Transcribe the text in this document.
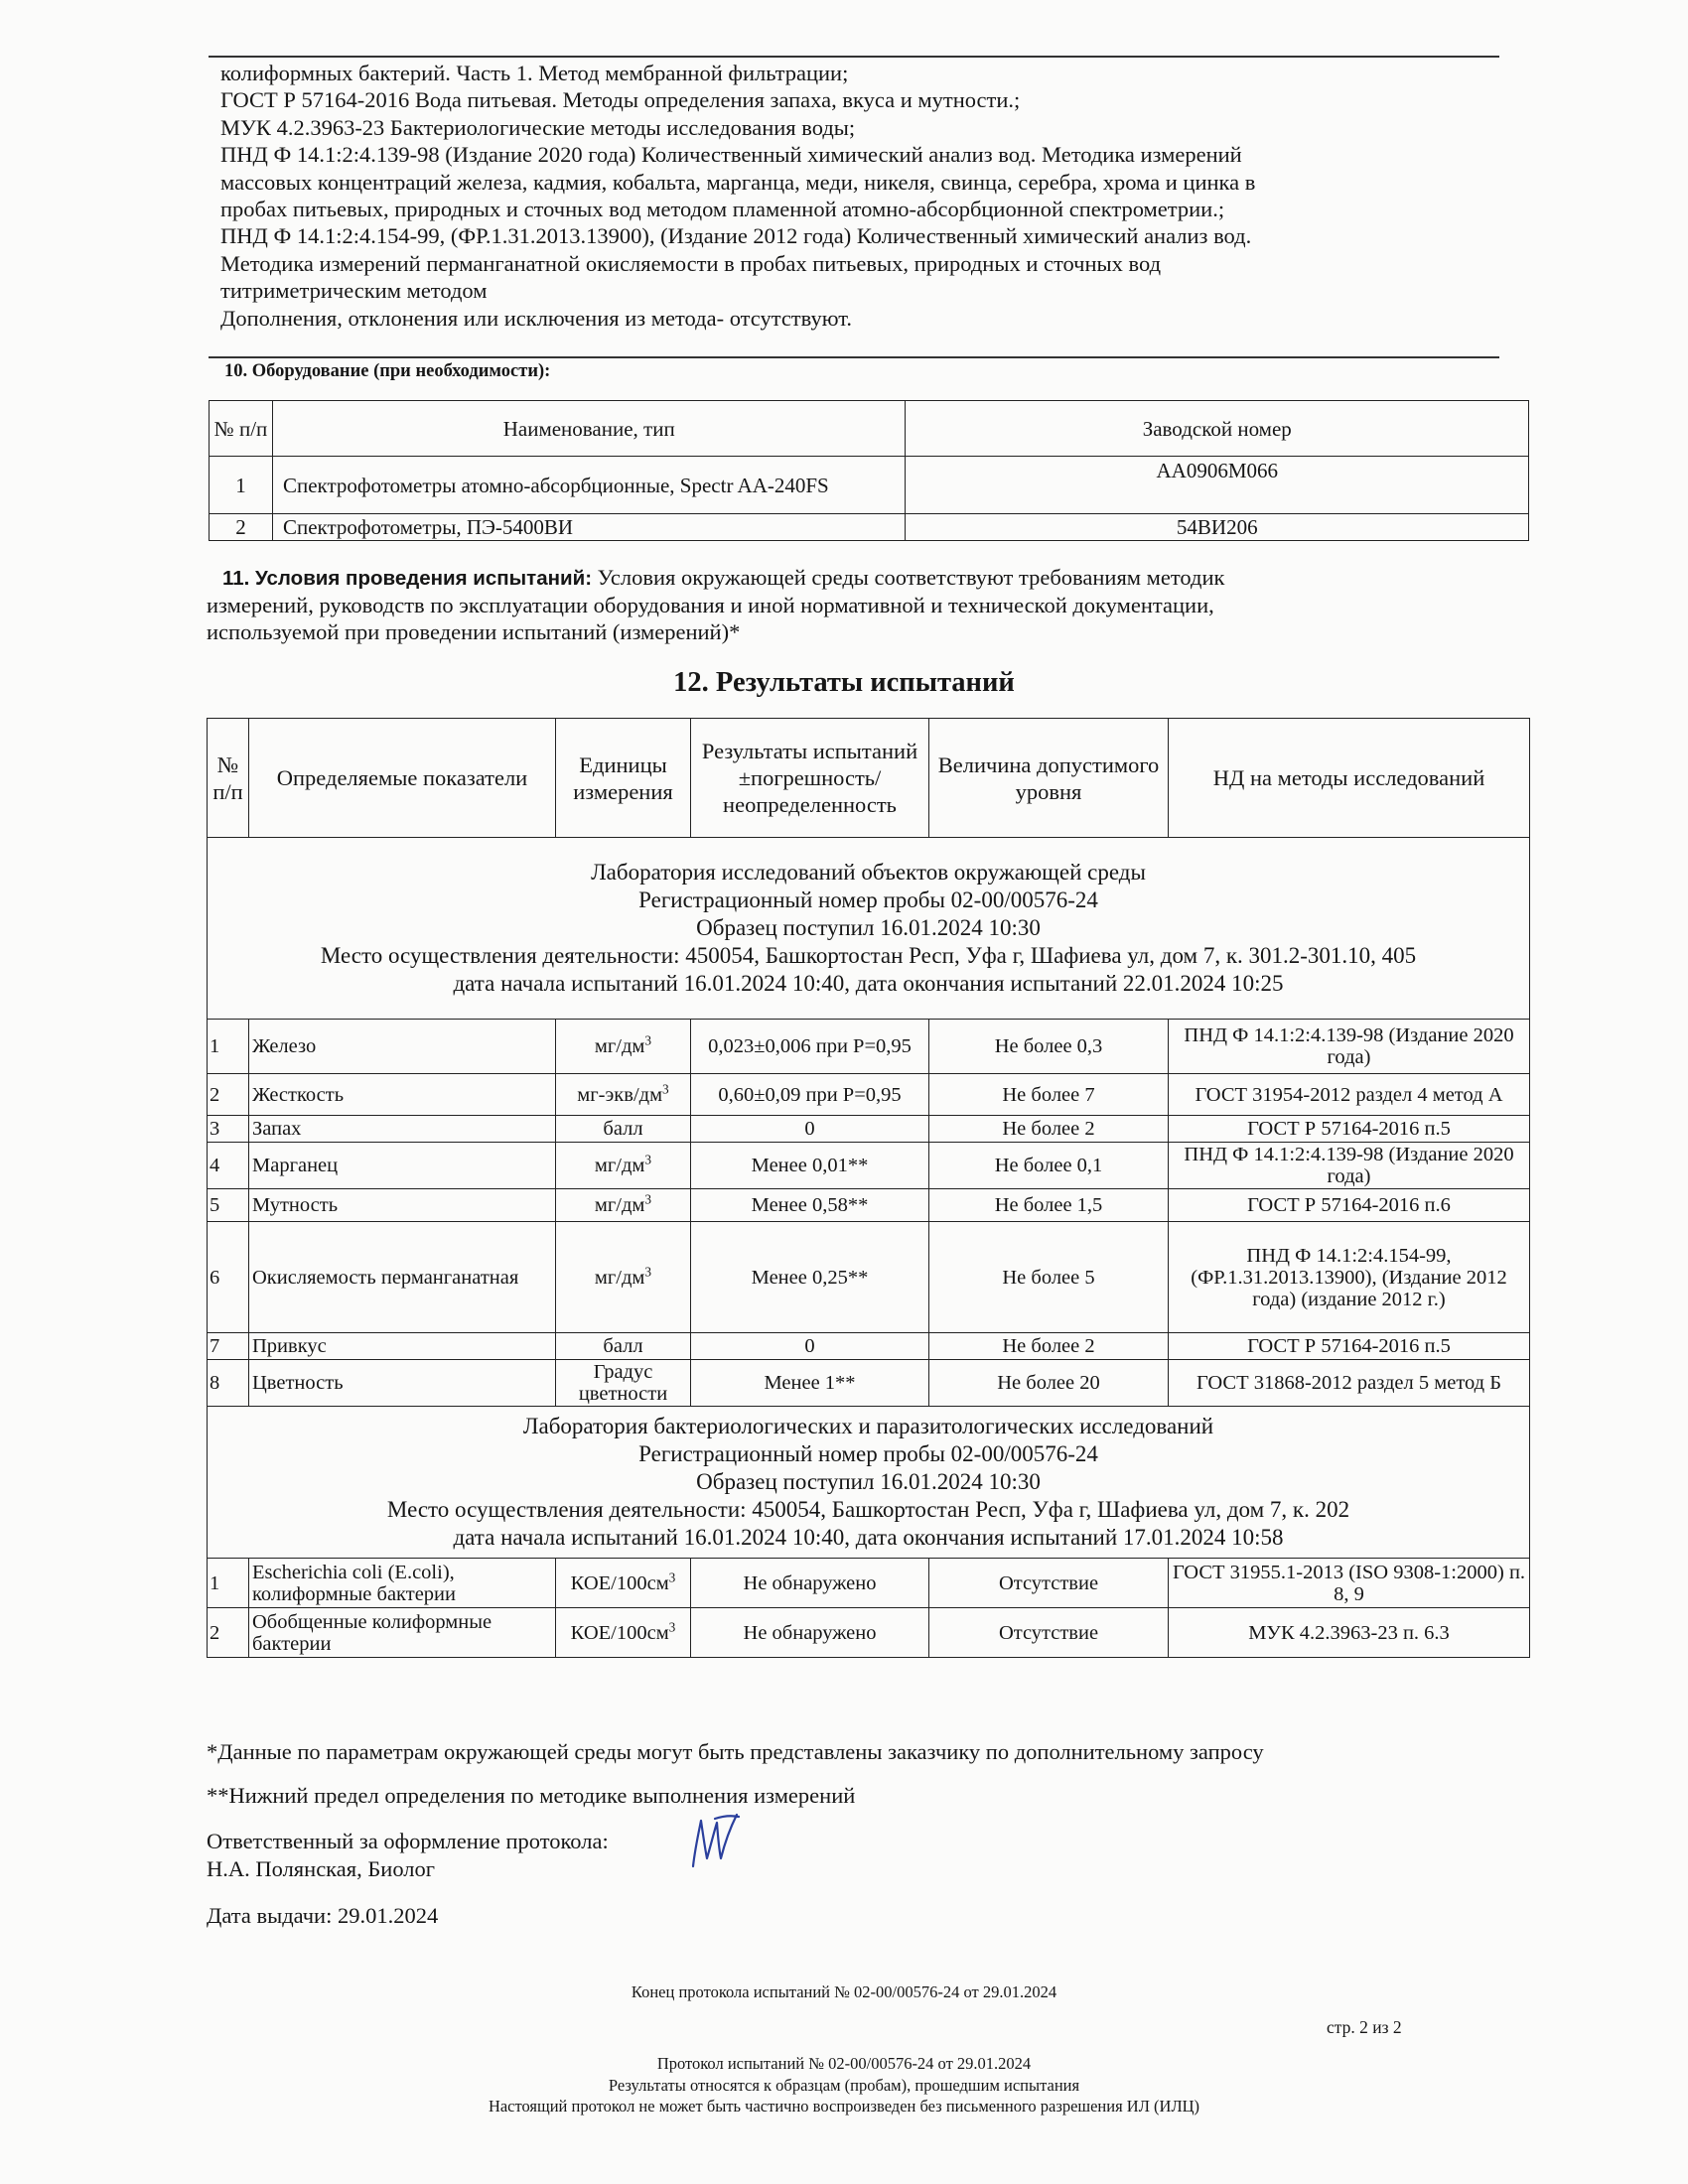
колиформных бактерий. Часть 1. Метод мембранной фильтрации;
ГОСТ Р 57164-2016 Вода питьевая. Методы определения запаха, вкуса и мутности.;
МУК 4.2.3963-23 Бактериологические методы исследования воды;
ПНД Ф 14.1:2:4.139-98 (Издание 2020 года) Количественный химический анализ вод. Методика измерений
массовых концентраций железа, кадмия, кобальта, марганца, меди, никеля, свинца, серебра, хрома и цинка в
пробах питьевых, природных и сточных вод методом пламенной атомно-абсорбционной спектрометрии.;
ПНД Ф 14.1:2:4.154-99, (ФР.1.31.2013.13900), (Издание 2012 года) Количественный химический анализ вод.
Методика измерений перманганатной окисляемости в пробах питьевых, природных и сточных вод
титриметрическим методом
Дополнения, отклонения или исключения из метода- отсутствуют.
10. Оборудование (при необходимости):
№ п/п	Наименование, тип	Заводской номер
1	Спектрофотометры атомно-абсорбционные, Spectr AA-240FS	AA0906M066
2	Спектрофотометры, ПЭ-5400ВИ	54ВИ206
11. Условия проведения испытаний: Условия окружающей среды соответствуют требованиям методик
измерений, руководств по эксплуатации оборудования и иной нормативной и технической документации,
используемой при проведении испытаний (измерений)*
12. Результаты испытаний
№ п/п	Определяемые показатели	Единицы измерения	Результаты испытаний ±погрешность/ неопределенность	Величина допустимого уровня	НД на методы исследований

Лаборатория исследований объектов окружающей среды
Регистрационный номер пробы 02-00/00576-24
Образец поступил 16.01.2024 10:30
Место осуществления деятельности: 450054, Башкортостан Респ, Уфа г, Шафиева ул, дом 7, к. 301.2-301.10, 405
дата начала испытаний 16.01.2024 10:40, дата окончания испытаний 22.01.2024 10:25					

1	Железо	$мг/дм^3$	0,023±0,006 при Р=0,95	Не более 0,3	ПНД Ф 14.1:2:4.139-98 (Издание 2020 года)
2	Жесткость	$мг-экв/дм^3$	0,60±0,09 при Р=0,95	Не более 7	ГОСТ 31954-2012 раздел 4 метод А
3	Запах	балл	0	Не более 2	ГОСТ Р 57164-2016 п.5
4	Марганец	$мг/дм^3$	Менее 0,01**	Не более 0,1	ПНД Ф 14.1:2:4.139-98 (Издание 2020 года)
5	Мутность	$мг/дм^3$	Менее 0,58**	Не более 1,5	ГОСТ Р 57164-2016 п.6
6	Окисляемость перманганатная	$мг/дм^3$	Менее 0,25**	Не более 5	ПНД Ф 14.1:2:4.154-99, (ФР.1.31.2013.13900), (Издание 2012 года) (издание 2012 г.)
7	Привкус	балл	0	Не более 2	ГОСТ Р 57164-2016 п.5
8	Цветность	Градус цветности	Менее 1**	Не более 20	ГОСТ 31868-2012 раздел 5 метод Б

Лаборатория бактериологических и паразитологических исследований
Регистрационный номер пробы 02-00/00576-24
Образец поступил 16.01.2024 10:30
Место осуществления деятельности: 450054, Башкортостан Респ, Уфа г, Шафиева ул, дом 7, к. 202
дата начала испытаний 16.01.2024 10:40, дата окончания испытаний 17.01.2024 10:58					

1	Escherichia coli (E.coli), колиформные бактерии	КОЕ/$100см^3$	Не обнаружено	Отсутствие	ГОСТ 31955.1-2013 (ISO 9308-1:2000) п. 8, 9
2	Обобщенные колиформные бактерии	КОЕ/$100см^3$	Не обнаружено	Отсутствие	МУК 4.2.3963-23 п. 6.3
*Данные по параметрам окружающей среды могут быть представлены заказчику по дополнительному запросу
**Нижний предел определения по методике выполнения измерений
Ответственный за оформление протокола:
Н.А. Полянская, Биолог
Дата выдачи: 29.01.2024
Конец протокола испытаний № 02-00/00576-24 от 29.01.2024
стр. 2 из 2
Протокол испытаний № 02-00/00576-24 от 29.01.2024
Результаты относятся к образцам (пробам), прошедшим испытания
Настоящий протокол не может быть частично воспроизведен без письменного разрешения ИЛ (ИЛЦ)
